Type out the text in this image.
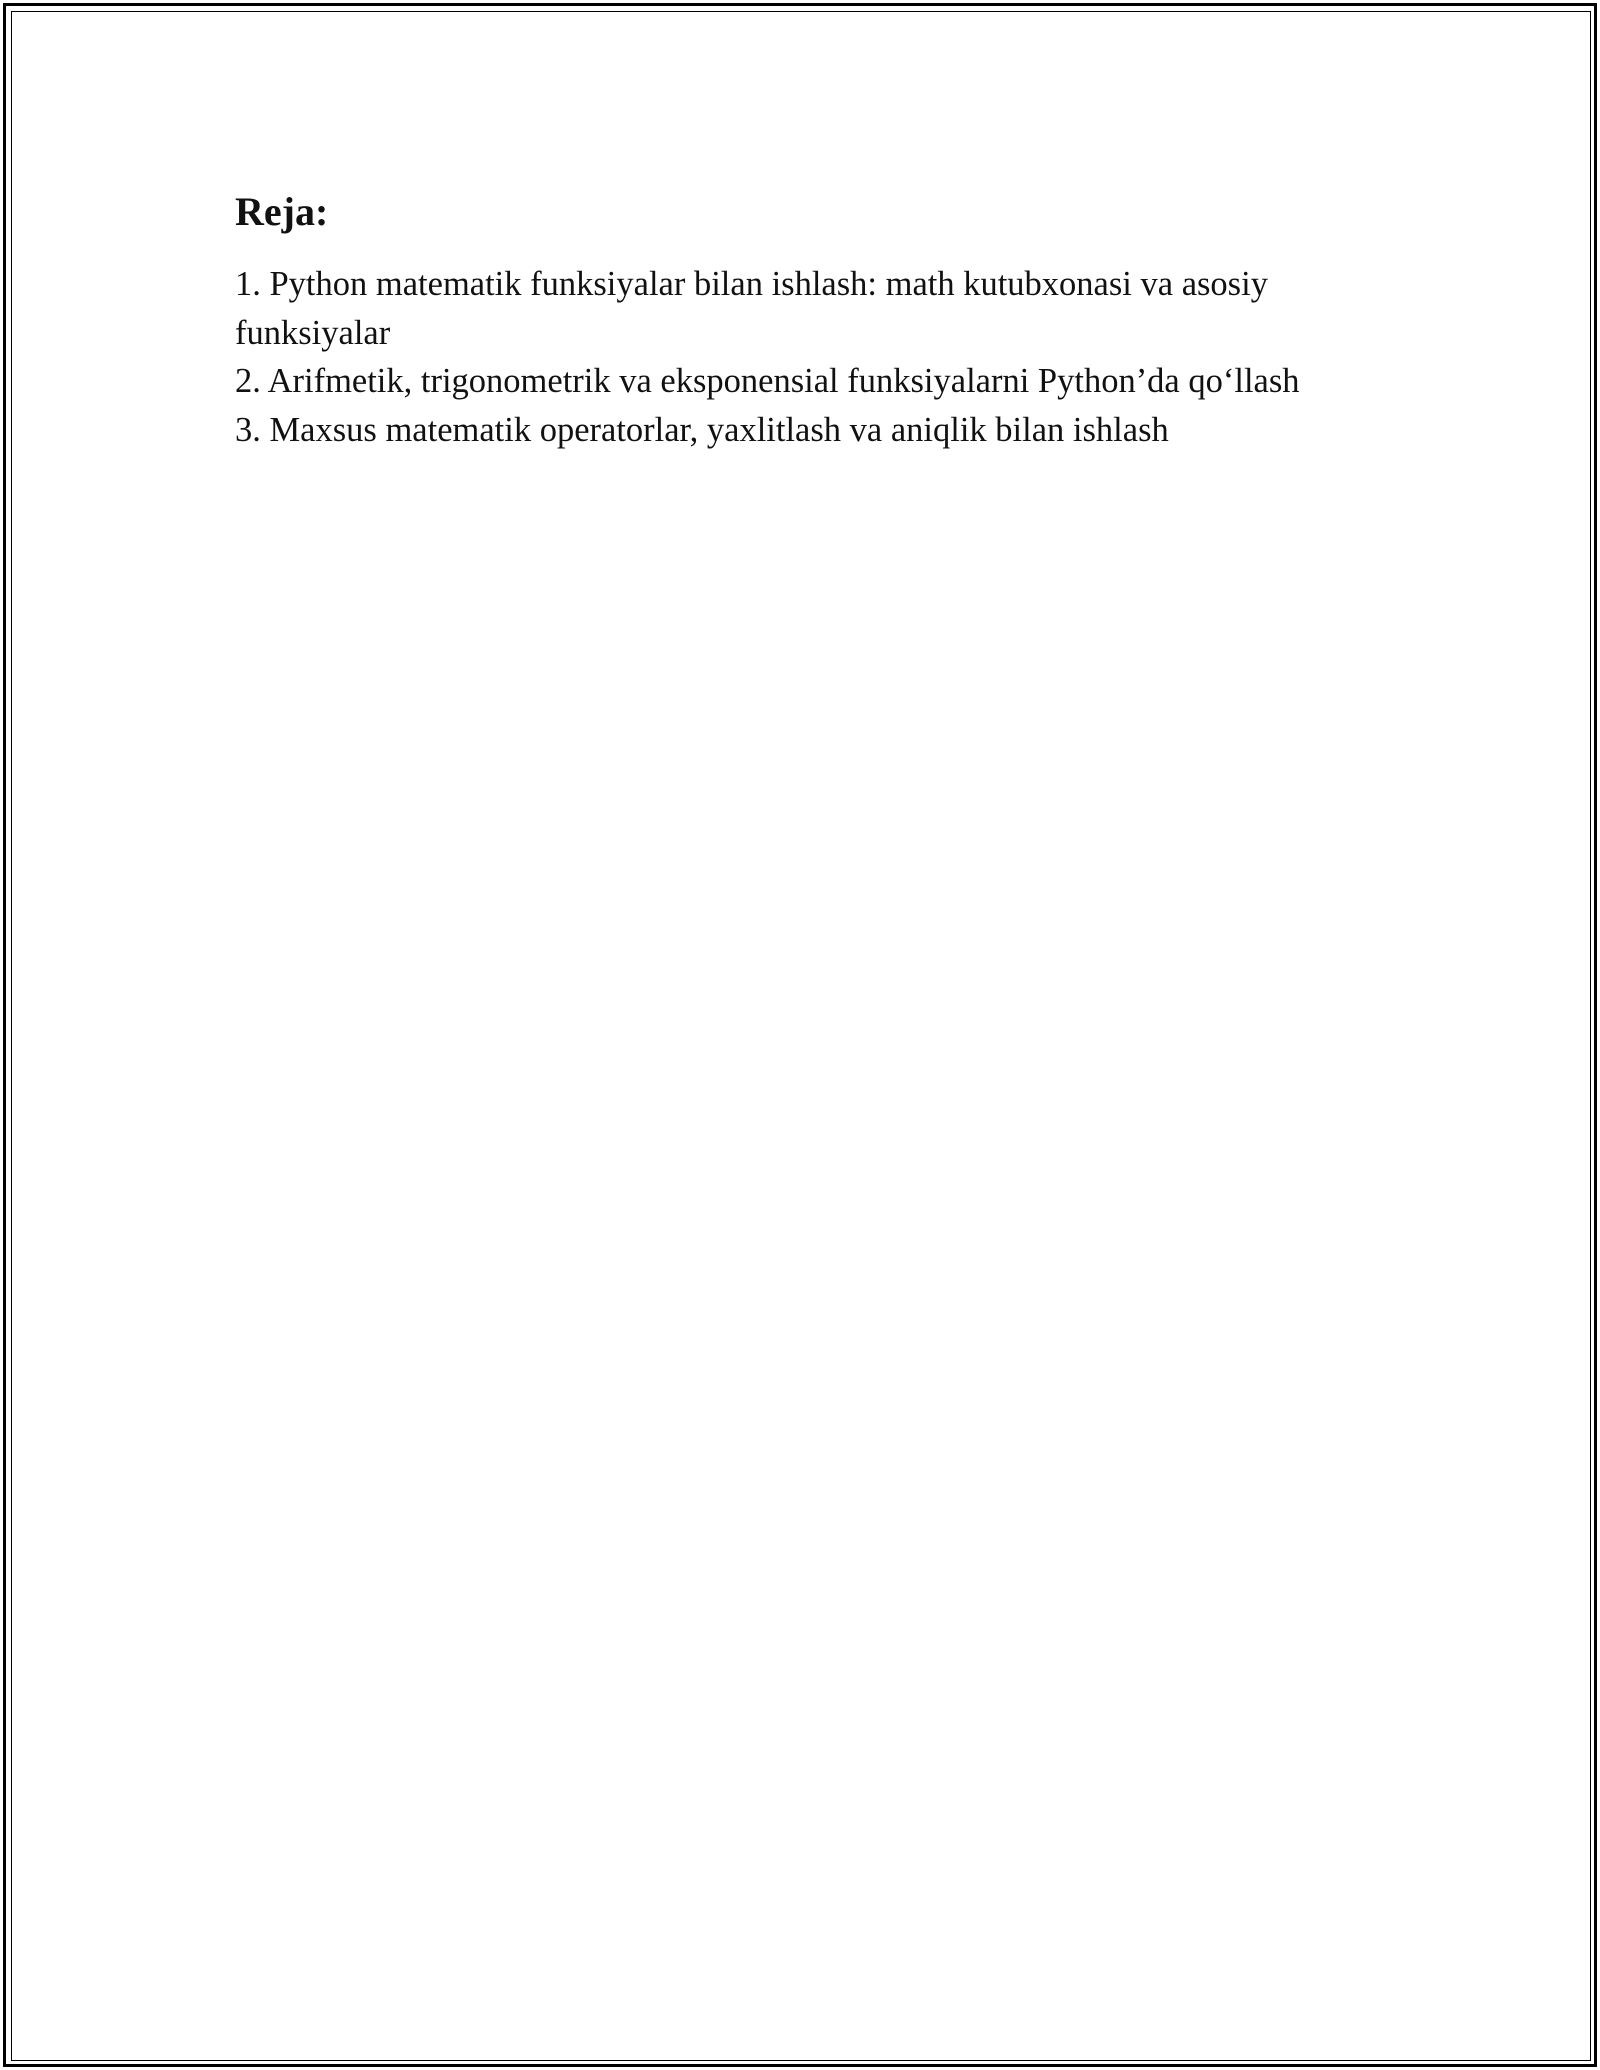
Reja:
1. Python matematik funksiyalar bilan ishlash: math kutubxonasi va asosiy funksiyalar
2. Arifmetik, trigonometrik va eksponensial funksiyalarni Python’da qo‘llash
3. Maxsus matematik operatorlar, yaxlitlash va aniqlik bilan ishlash
